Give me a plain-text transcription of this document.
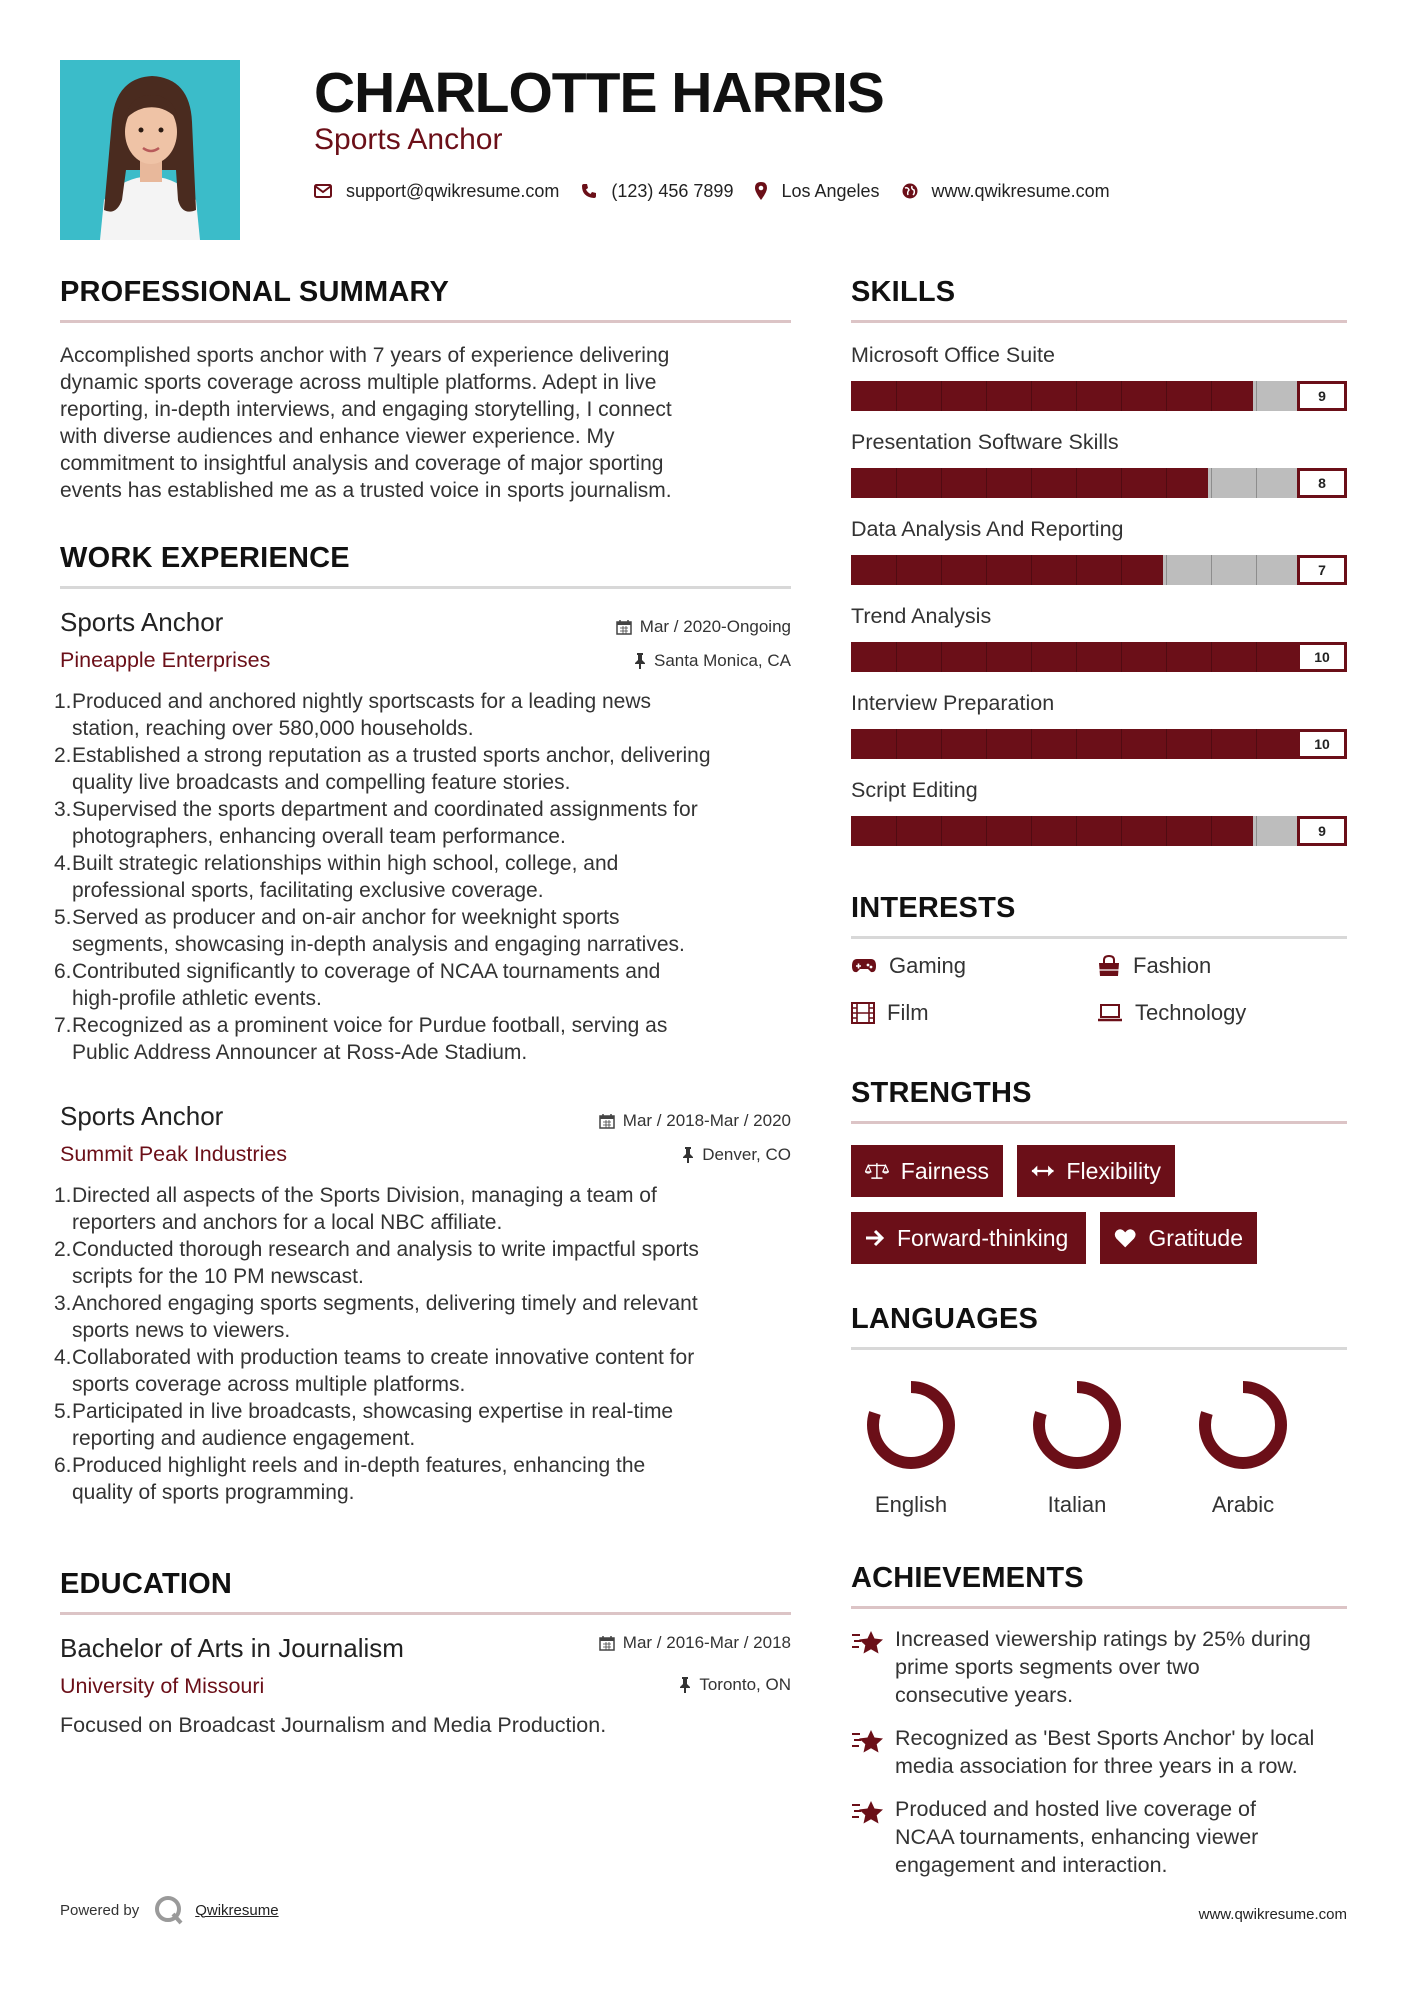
CHARLOTTE HARRIS
Sports Anchor
support@qwikresume.com	(123) 456 7899	Los Angeles	www.qwikresume.com
PROFESSIONAL SUMMARY
Accomplished sports anchor with 7 years of experience delivering
dynamic sports coverage across multiple platforms. Adept in live
reporting, in-depth interviews, and engaging storytelling, I connect
with diverse audiences and enhance viewer experience. My
commitment to insightful analysis and coverage of major sporting
events has established me as a trusted voice in sports journalism.
WORK EXPERIENCE
Sports Anchor	Mar / 2020-Ongoing
Pineapple Enterprises	Santa Monica, CA
1. Produced and anchored nightly sportscasts for a leading news
station, reaching over 580,000 households.
2. Established a strong reputation as a trusted sports anchor, delivering
quality live broadcasts and compelling feature stories.
3. Supervised the sports department and coordinated assignments for
photographers, enhancing overall team performance.
4. Built strategic relationships within high school, college, and
professional sports, facilitating exclusive coverage.
5. Served as producer and on-air anchor for weeknight sports
segments, showcasing in-depth analysis and engaging narratives.
6. Contributed significantly to coverage of NCAA tournaments and
high-profile athletic events.
7. Recognized as a prominent voice for Purdue football, serving as
Public Address Announcer at Ross-Ade Stadium.
Sports Anchor	Mar / 2018-Mar / 2020
Summit Peak Industries	Denver, CO
1. Directed all aspects of the Sports Division, managing a team of
reporters and anchors for a local NBC affiliate.
2. Conducted thorough research and analysis to write impactful sports
scripts for the 10 PM newscast.
3. Anchored engaging sports segments, delivering timely and relevant
sports news to viewers.
4. Collaborated with production teams to create innovative content for
sports coverage across multiple platforms.
5. Participated in live broadcasts, showcasing expertise in real-time
reporting and audience engagement.
6. Produced highlight reels and in-depth features, enhancing the
quality of sports programming.
EDUCATION
Bachelor of Arts in Journalism	Mar / 2016-Mar / 2018
University of Missouri	Toronto, ON
Focused on Broadcast Journalism and Media Production.
SKILLS
INTERESTS
Gaming	Fashion
Film	Technology
STRENGTHS
Fairness	Flexibility
Forward-thinking	Gratitude
LANGUAGES
ACHIEVEMENTS
Increased viewership ratings by 25% during
prime sports segments over two
consecutive years.
Recognized as 'Best Sports Anchor' by local
media association for three years in a row.
Produced and hosted live coverage of
NCAA tournaments, enhancing viewer
engagement and interaction.
Powered by	Qwikresume	www.qwikresume.com
Microsoft Office Suite
9
Presentation Software Skills
8
Data Analysis And Reporting
7
Trend Analysis
10
Interview Preparation
10
Script Editing
9
English	Italian	Arabic
